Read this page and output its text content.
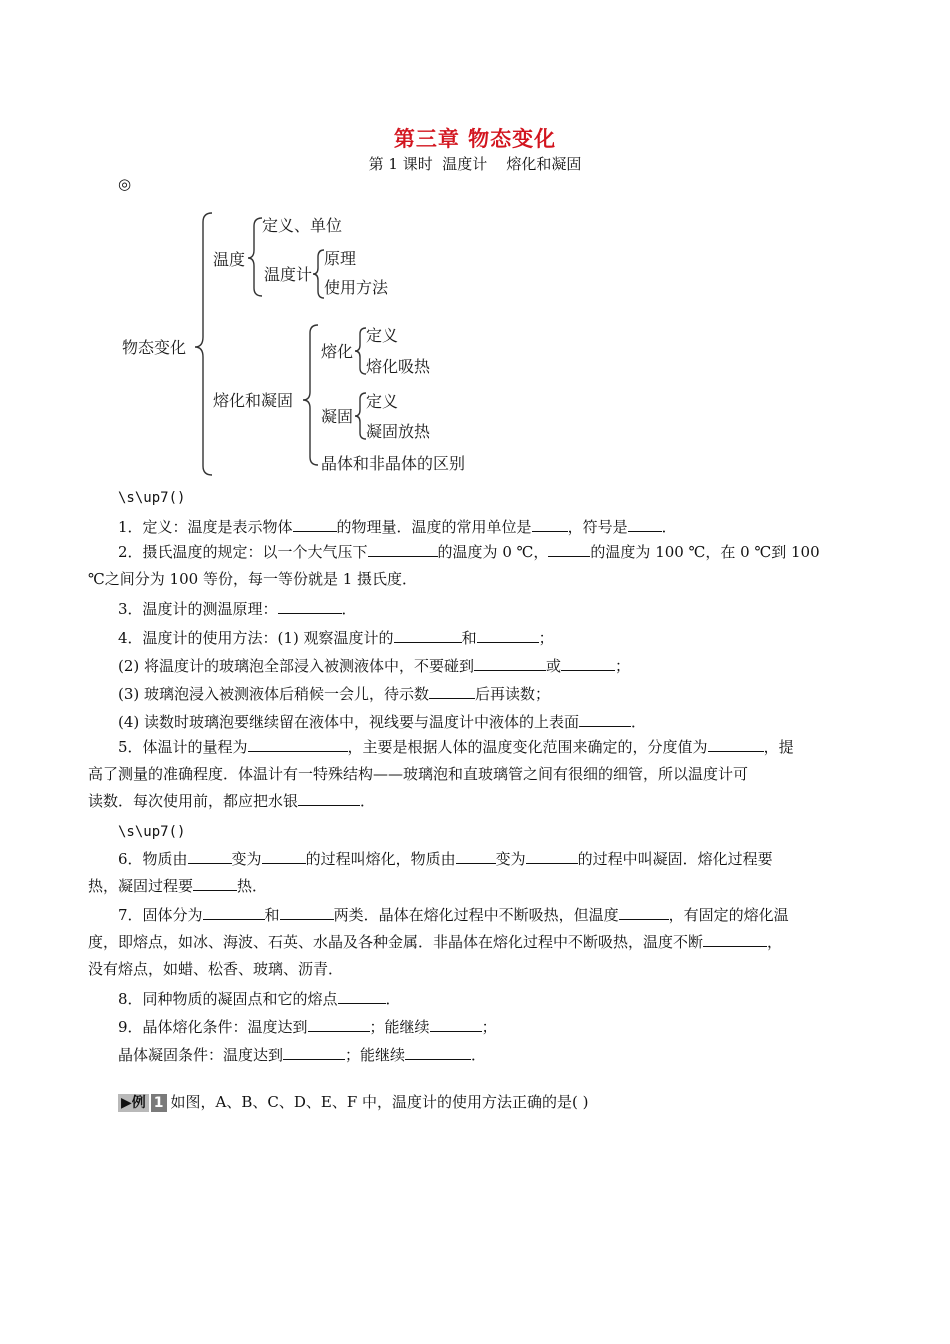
第三章 物态变化
第 1 课时  温度计    熔化和凝固
◎
物态变化
温度
定义、单位
温度计
原理
使用方法
熔化和凝固
熔化
定义
熔化吸热
凝固
定义
凝固放热
晶体和非晶体的区别
\s\up7()
1．定义：温度是表示物体	的物理量．温度的常用单位是 ，符号是 ．
2．摄氏温度的规定：以一个大气压下	的温度为 0 ℃，	的温度为 100 ℃，在 0 ℃到 100
℃之间分为 100 等份，每一等份就是 1 摄氏度．
3．温度计的测温原理：	．
4．温度计的使用方法：(1) 观察温度计的	和	；
(2) 将温度计的玻璃泡全部浸入被测液体中，不要碰到	或	；
(3) 玻璃泡浸入被测液体后稍候一会儿，待示数	后再读数；
(4) 读数时玻璃泡要继续留在液体中，视线要与温度计中液体的上表面	．
5．体温计的量程为	，主要是根据人体的温度变化范围来确定的，分度值为	，提
高了测量的准确程度．体温计有一特殊结构——玻璃泡和直玻璃管之间有很细的细管，所以温度计可
读数．每次使用前，都应把水银	．
\s\up7()
6．物质由	变为	的过程叫熔化，物质由	变为	的过程中叫凝固．熔化过程要
热，凝固过程要	热．
7．固体分为	和	两类．晶体在熔化过程中不断吸热，但温度	，有固定的熔化温
度，即熔点，如冰、海波、石英、水晶及各种金属．非晶体在熔化过程中不断吸热，温度不断	，
没有熔点，如蜡、松香、玻璃、沥青．
8．同种物质的凝固点和它的熔点	．
9．晶体熔化条件：温度达到	；能继续	；
晶体凝固条件：温度达到	；能继续	．
▶例 1 如图，A、B、C、D、E、F 中，温度计的使用方法正确的是( )
